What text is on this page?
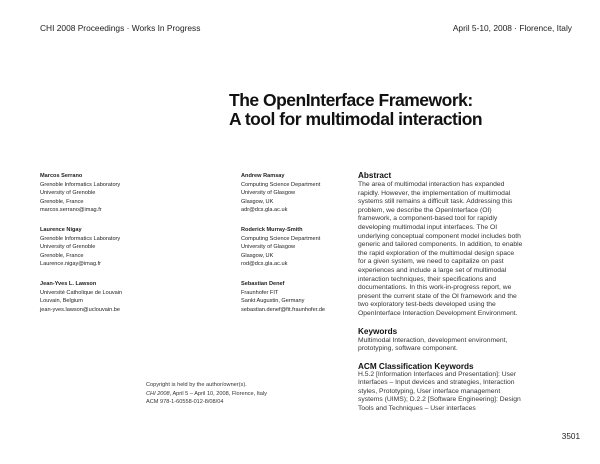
CHI 2008 Proceedings · Works In Progress	April 5-10, 2008 · Florence, Italy
The OpenInterface Framework:
A tool for multimodal interaction
Marcos Serrano
Grenoble Informatics Laboratory
University of Grenoble
Grenoble, France
marcos.serrano@imag.fr
Andrew Ramsay
Computing Science Department
University of Glasgow
Glasgow, UK
adr@dcs.gla.ac.uk
Laurence Nigay
Grenoble Informatics Laboratory
University of Grenoble
Grenoble, France
Laurence.nigay@imag.fr
Roderick Murray-Smith
Computing Science Department
University of Glasgow
Glasgow, UK
rod@dcs.gla.ac.uk
Jean-Yves L. Lawson
Université Catholique de Louvain
Louvain, Belgium
jean-yves.lawson@uclouvain.be
Sebastian Denef
Fraunhofer FIT
Sankt Augustin, Germany
sebastian.denef@fit.fraunhofer.de
Copyright is held by the author/owner(s).
CHI 2008, April 5 – April 10, 2008, Florence, Italy
ACM 978-1-60558-012-8/08/04
Abstract
The area of multimodal interaction has expanded
rapidly. However, the implementation of multimodal
systems still remains a difficult task. Addressing this
problem, we describe the OpenInterface (OI)
framework, a component-based tool for rapidly
developing multimodal input interfaces. The OI
underlying conceptual component model includes both
generic and tailored components. In addition, to enable
the rapid exploration of the multimodal design space
for a given system, we need to capitalize on past
experiences and include a large set of multimodal
interaction techniques, their specifications and
documentations. In this work-in-progress report, we
present the current state of the OI framework and the
two exploratory test-beds developed using the
OpenInterface Interaction Development Environment.
Keywords
Multimodal Interaction, development environment,
prototyping, software component.
ACM Classification Keywords
H.5.2 [Information Interfaces and Presentation]: User
Interfaces – Input devices and strategies, Interaction
styles, Prototyping, User interface management
systems (UIMS); D.2.2 [Software Engineering]: Design
Tools and Techniques – User interfaces
3501
